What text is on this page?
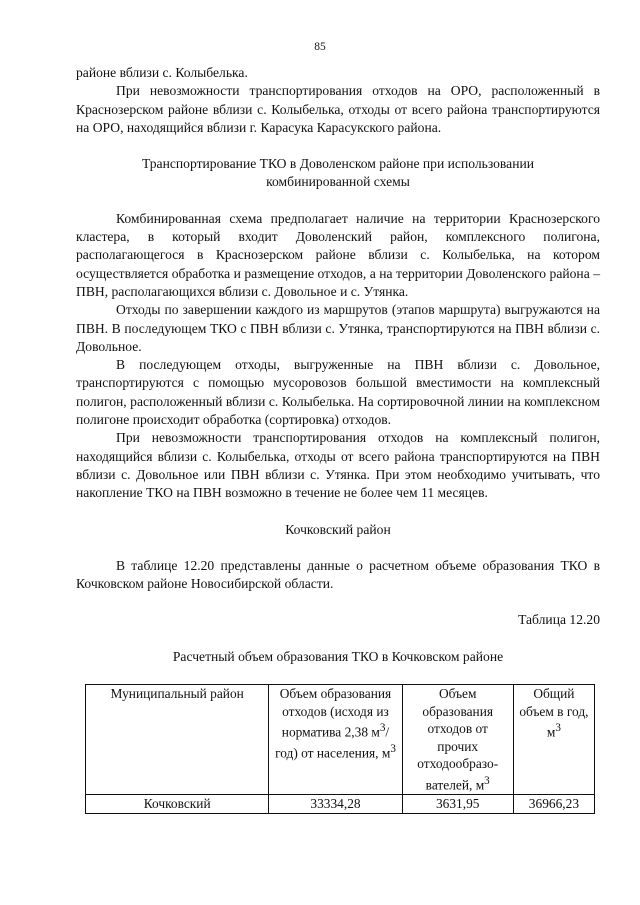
85

районе вблизи с. Колыбелька.

При невозможности транспортирования отходов на ОРО, расположенный в Краснозерском районе вблизи с. Колыбелька, отходы от всего района транспортируются на ОРО, находящийся вблизи г. Карасука Карасукского района.

Транспортирование ТКО в Доволенском районе при использовании
комбинированной схемы

Комбинированная схема предполагает наличие на территории Краснозерского кластера, в который входит Доволенский район, комплексного полигона, располагающегося в Краснозерском районе вблизи с. Колыбелька, на котором осуществляется обработка и размещение отходов, а на территории Доволенского района – ПВН, располагающихся вблизи с. Довольное и с. Утянка.

Отходы по завершении каждого из маршрутов (этапов маршрута) выгружаются на ПВН. В последующем ТКО с ПВН вблизи с. Утянка, транспортируются на ПВН вблизи с. Довольное.

В последующем отходы, выгруженные на ПВН вблизи с. Довольное, транспортируются с помощью мусоровозов большой вместимости на комплексный полигон, расположенный вблизи с. Колыбелька. На сортировочной линии на комплексном полигоне происходит обработка (сортировка) отходов.

При невозможности транспортирования отходов на комплексный полигон, находящийся вблизи с. Колыбелька, отходы от всего района транспортируются на ПВН вблизи с. Довольное или ПВН вблизи с. Утянка. При этом необходимо учитывать, что накопление ТКО на ПВН возможно в течение не более чем 11 месяцев.

Кочковский район

В таблице 12.20 представлены данные о расчетном объеме образования ТКО в Кочковском районе Новосибирской области.

Таблица 12.20

Расчетный объем образования ТКО в Кочковском районе

Муниципальный район	Объем образования отходов (исходя из норматива 2,38 $м^3/год$) от населения, $м^3$	Объем образования отходов от прочих отходообразо-вателей, $м^3$	Общий объем в год, $м^3$
Кочковский	33334,28	3631,95	36966,23
